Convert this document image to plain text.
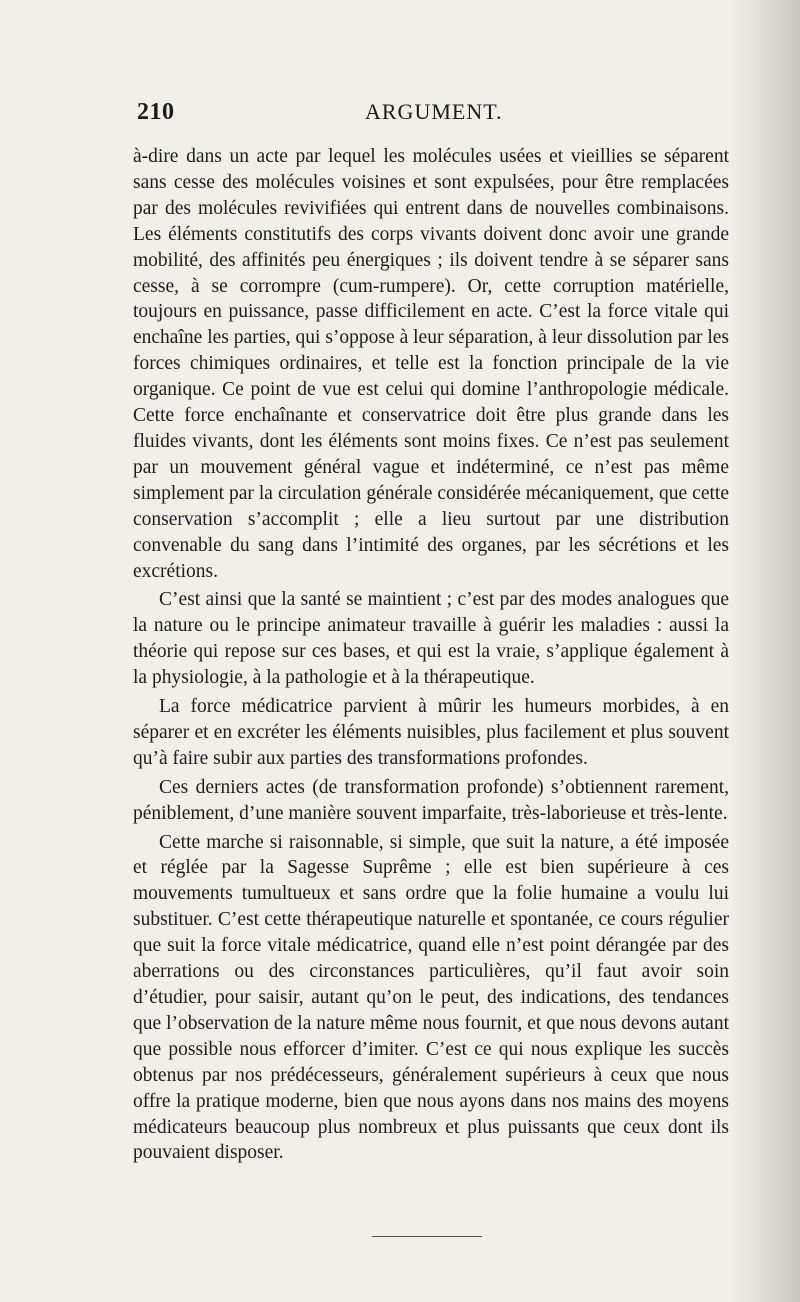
210	ARGUMENT.

à-dire dans un acte par lequel les molécules usées et vieillies se séparent sans cesse des molécules voisines et sont expulsées, pour être remplacées par des molécules revivifiées qui entrent dans de nouvelles combinaisons. Les éléments constitutifs des corps vivants doivent donc avoir une grande mobilité, des affinités peu énergiques ; ils doivent tendre à se séparer sans cesse, à se corrompre (cum-rumpere). Or, cette corruption matérielle, toujours en puissance, passe difficilement en acte. C’est la force vitale qui enchaîne les parties, qui s’oppose à leur séparation, à leur dissolution par les forces chimiques ordinaires, et telle est la fonction principale de la vie organique. Ce point de vue est celui qui domine l’anthropologie médicale. Cette force enchaînante et conservatrice doit être plus grande dans les fluides vivants, dont les éléments sont moins fixes. Ce n’est pas seulement par un mouvement général vague et indéterminé, ce n’est pas même simplement par la circulation générale considérée mécaniquement, que cette conservation s’accomplit ; elle a lieu surtout par une distribution convenable du sang dans l’intimité des organes, par les sécrétions et les excrétions.

C’est ainsi que la santé se maintient ; c’est par des modes analogues que la nature ou le principe animateur travaille à guérir les maladies : aussi la théorie qui repose sur ces bases, et qui est la vraie, s’applique également à la physiologie, à la pathologie et à la thérapeutique.

La force médicatrice parvient à mûrir les humeurs morbides, à en séparer et en excréter les éléments nuisibles, plus facilement et plus souvent qu’à faire subir aux parties des transformations profondes.

Ces derniers actes (de transformation profonde) s’obtiennent rarement, péniblement, d’une manière souvent imparfaite, très-laborieuse et très-lente.

Cette marche si raisonnable, si simple, que suit la nature, a été imposée et réglée par la Sagesse Suprême ; elle est bien supérieure à ces mouvements tumultueux et sans ordre que la folie humaine a voulu lui substituer. C’est cette thérapeutique naturelle et spontanée, ce cours régulier que suit la force vitale médicatrice, quand elle n’est point dérangée par des aberrations ou des circonstances particulières, qu’il faut avoir soin d’étudier, pour saisir, autant qu’on le peut, des indications, des tendances que l’observation de la nature même nous fournit, et que nous devons autant que possible nous efforcer d’imiter. C’est ce qui nous explique les succès obtenus par nos prédécesseurs, généralement supérieurs à ceux que nous offre la pratique moderne, bien que nous ayons dans nos mains des moyens médicateurs beaucoup plus nombreux et plus puissants que ceux dont ils pouvaient disposer.
